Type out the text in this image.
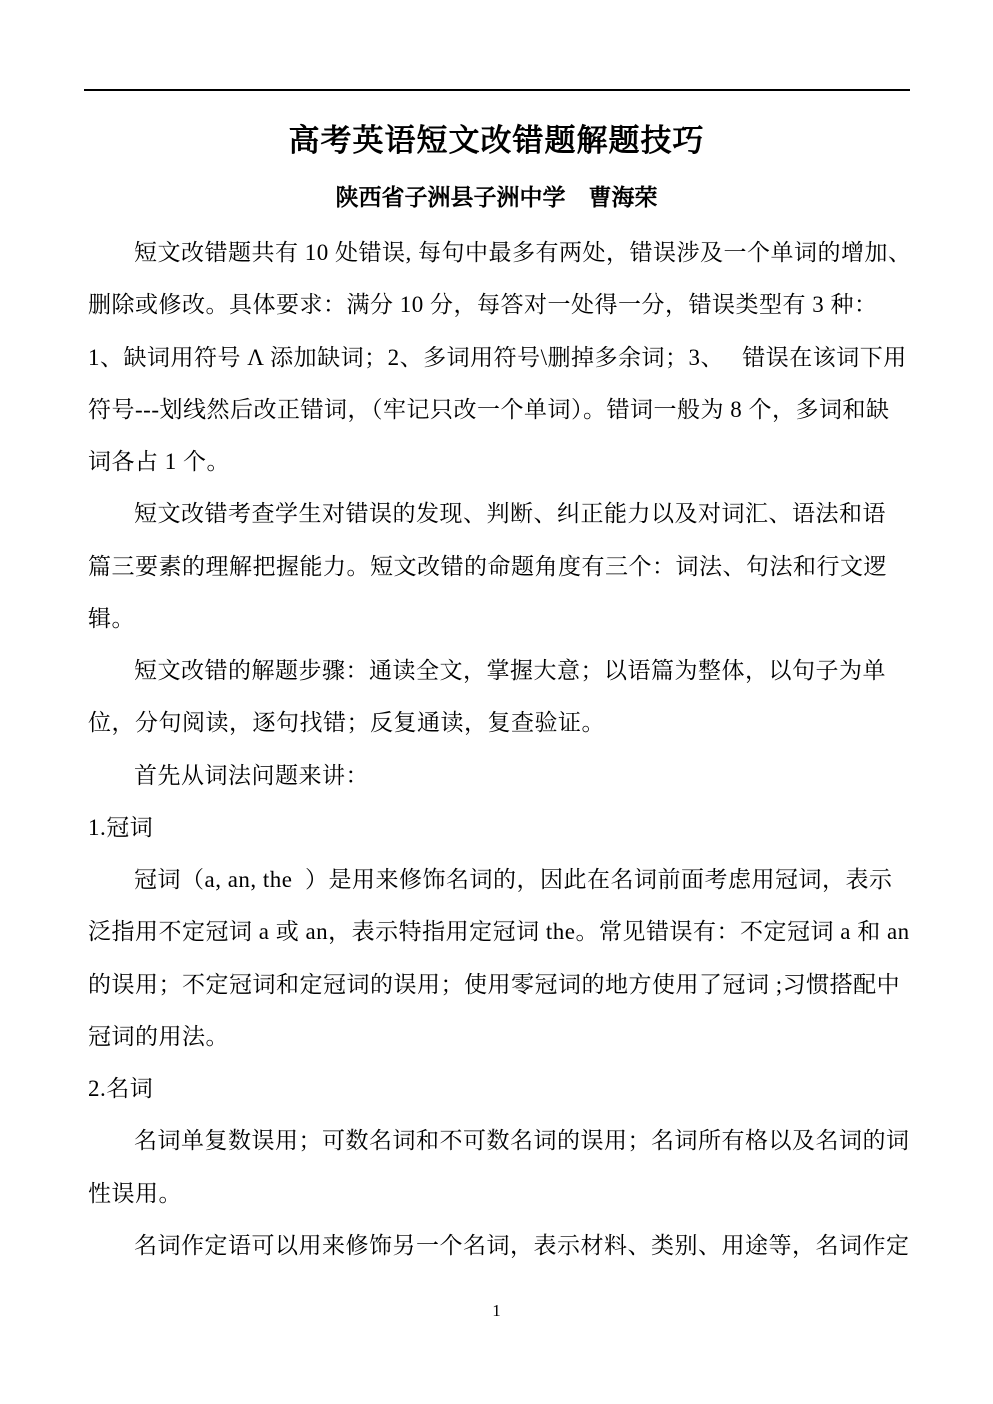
高考英语短文改错题解题技巧
陕西省子洲县子洲中学　曹海荣
短文改错题共有 10 处错误, 每句中最多有两处，错误涉及一个单词的增加、
删除或修改。具体要求：满分 10 分，每答对一处得一分，错误类型有 3 种：
1、缺词用符号 Λ 添加缺词；2、多词用符号\删掉多余词；3、　 错误在该词下用
符号---划线然后改正错词，（牢记只改一个单词）。错词一般为 8 个，多词和缺
词各占 1 个。
短文改错考查学生对错误的发现、判断、纠正能力以及对词汇、语法和语
篇三要素的理解把握能力。短文改错的命题角度有三个：词法、句法和行文逻
辑。
短文改错的解题步骤：通读全文，掌握大意；以语篇为整体，以句子为单
位，分句阅读，逐句找错；反复通读，复查验证。
首先从词法问题来讲：
1.冠词
冠词（a, an, the  ）是用来修饰名词的，因此在名词前面考虑用冠词，表示
泛指用不定冠词 a 或 an，表示特指用定冠词 the。常见错误有：不定冠词 a 和 an
的误用；不定冠词和定冠词的误用；使用零冠词的地方使用了冠词 ;习惯搭配中
冠词的用法。
2.名词
名词单复数误用；可数名词和不可数名词的误用；名词所有格以及名词的词
性误用。
名词作定语可以用来修饰另一个名词，表示材料、类别、用途等，名词作定
1
